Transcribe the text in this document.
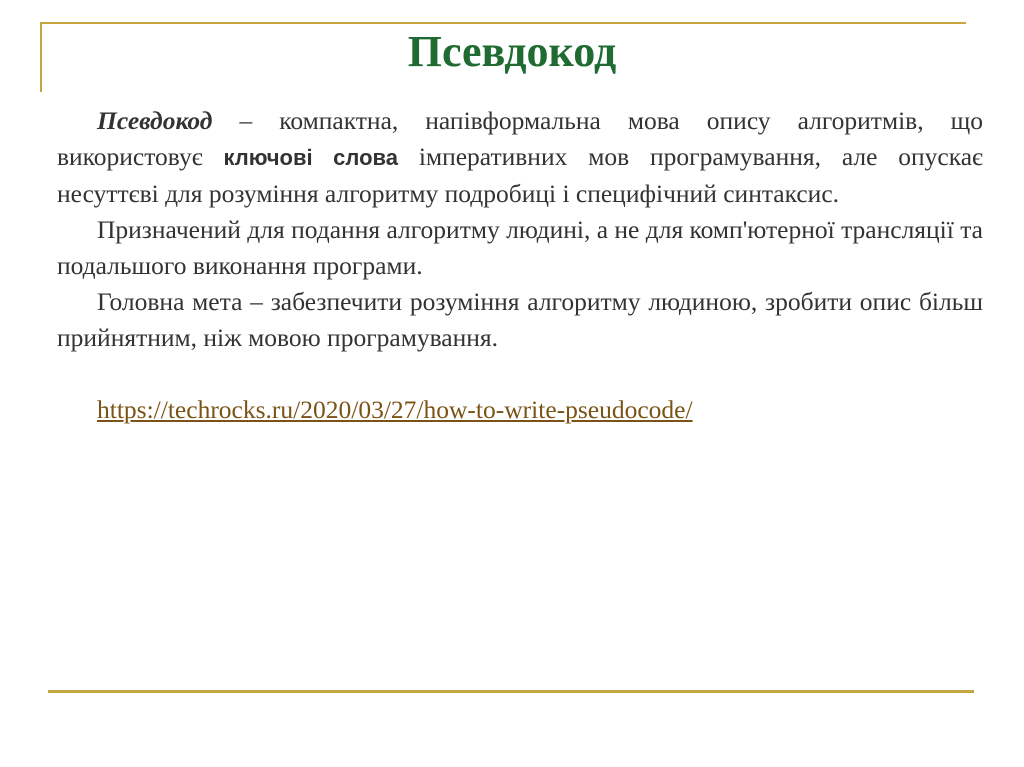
Псевдокод

Псевдокод – компактна, напівформальна мова опису алгоритмів, що використовує ключові слова імперативних мов програмування, але опускає несуттєві для розуміння алгоритму подробиці і специфічний синтаксис.

Призначений для подання алгоритму людині, а не для комп'ютерної трансляції та подальшого виконання програми.

Головна мета – забезпечити розуміння алгоритму людиною, зробити опис більш прийнятним, ніж мовою програмування.

https://techrocks.ru/2020/03/27/how-to-write-pseudocode/
